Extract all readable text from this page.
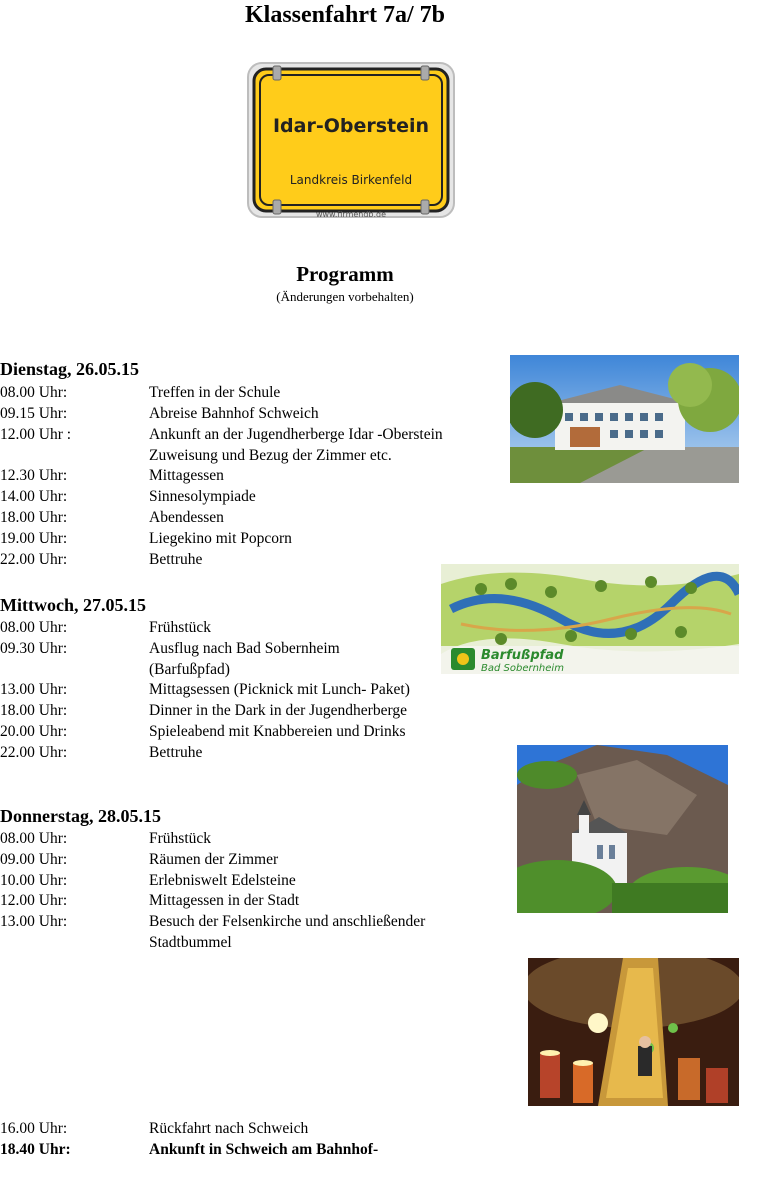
Klassenfahrt 7a/ 7b
Idar-Oberstein
Landkreis Birkenfeld
www.firmendb.de
Programm
(Änderungen vorbehalten)
Dienstag, 26.05.15
08.00 Uhr:	Treffen in der Schule
09.15 Uhr:	Abreise Bahnhof Schweich
12.00 Uhr :	Ankunft an der Jugendherberge Idar -Oberstein
Zuweisung und Bezug der Zimmer etc.
12.30 Uhr:	Mittagessen
14.00 Uhr:	Sinnesolympiade
18.00 Uhr:	Abendessen
19.00 Uhr:	Liegekino mit Popcorn
22.00 Uhr:	Bettruhe
Mittwoch, 27.05.15
08.00 Uhr:	Frühstück
09.30 Uhr:	Ausflug nach Bad Sobernheim
(Barfußpfad)
13.00 Uhr:	Mittagsessen (Picknick mit Lunch- Paket)
18.00 Uhr:	Dinner in the Dark in der Jugendherberge
20.00 Uhr:	Spieleabend mit Knabbereien und Drinks
22.00 Uhr:	Bettruhe
Donnerstag, 28.05.15
08.00 Uhr:	Frühstück
09.00 Uhr:	Räumen der Zimmer
10.00 Uhr:	Erlebniswelt Edelsteine
12.00 Uhr:	Mittagessen in der Stadt
13.00 Uhr:	Besuch der Felsenkirche und anschließender
Stadtbummel
16.00 Uhr:	Rückfahrt nach Schweich
18.40 Uhr:	Ankunft in Schweich am Bahnhof-
Barfußpfad
Bad Sobernheim
